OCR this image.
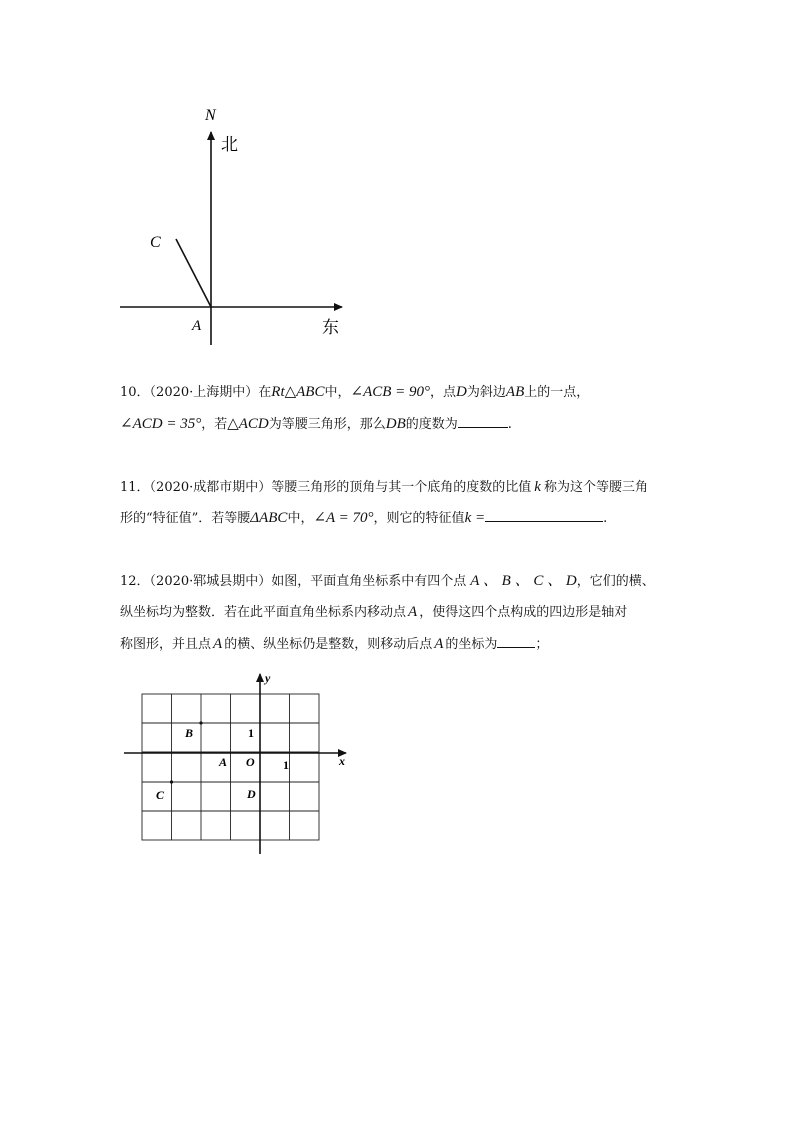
N
北
C
A	东
10．（2020·上海期中）在Rt△ABC中，∠ACB = 90°，点D为斜边AB上的一点，
∠ACD = 35°，若△ACD为等腰三角形，那么DB的度数为	.
11．（2020·成都市期中）等腰三角形的顶角与其一个底角的度数的比值 k 称为这个等腰三角
形的“特征值”．若等腰ΔABC中，∠A = 70°，则它的特征值k =	.
12．（2020·郓城县期中）如图，平面直角坐标系中有四个点 A 、 B 、 C 、 D，它们的横、
纵坐标均为整数．若在此平面直角坐标系内移动点 A ，使得这四个点构成的四边形是轴对
称图形，并且点 A 的横、纵坐标仍是整数，则移动后点 A 的坐标为	；
y
x
O
1
1
A
B
C	D
